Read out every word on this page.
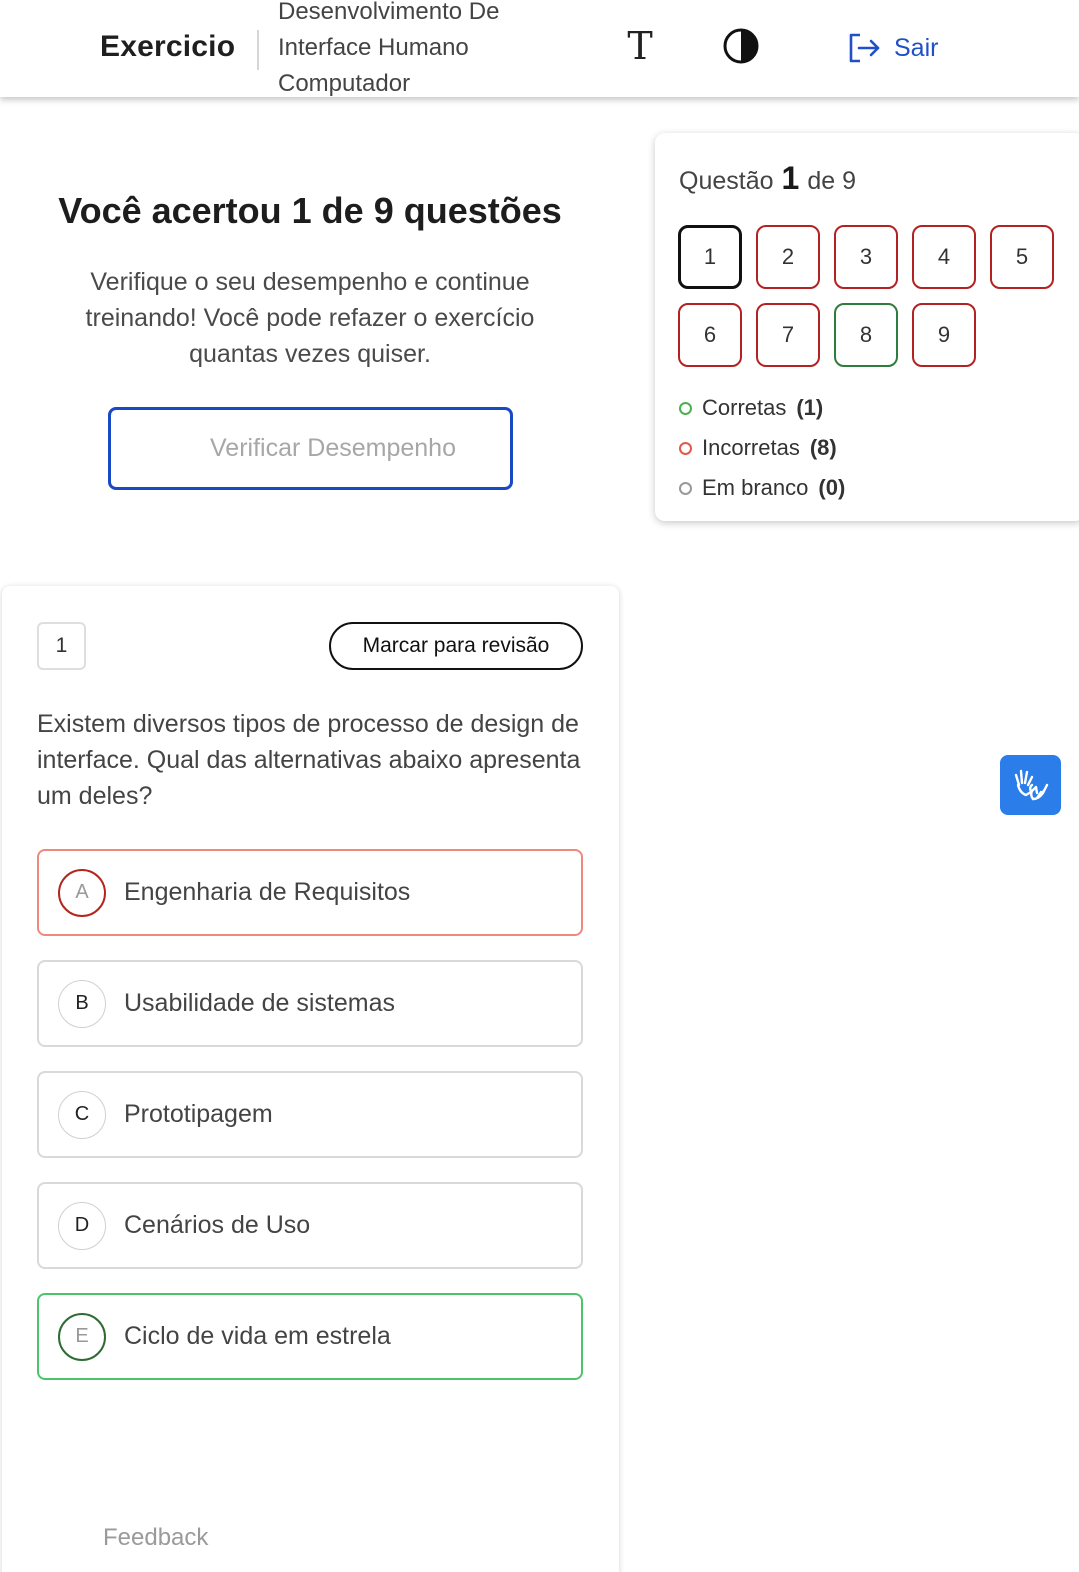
Exercicio
Desenvolvimento De Interface Humano Computador
T	Sair
Você acertou 1 de 9 questões
Verifique o seu desempenho e continue treinando! Você pode refazer o exercício quantas vezes quiser.
Verificar Desempenho
Questão 1 de 9
1	2	3	4	5
6	7	8	9
Corretas (1)
Incorretas (8)
Em branco (0)
1	Marcar para revisão
Existem diversos tipos de processo de design de interface. Qual das alternativas abaixo apresenta um deles?
A	Engenharia de Requisitos
B	Usabilidade de sistemas
C	Prototipagem
D	Cenários de Uso
E	Ciclo de vida em estrela
Feedback
